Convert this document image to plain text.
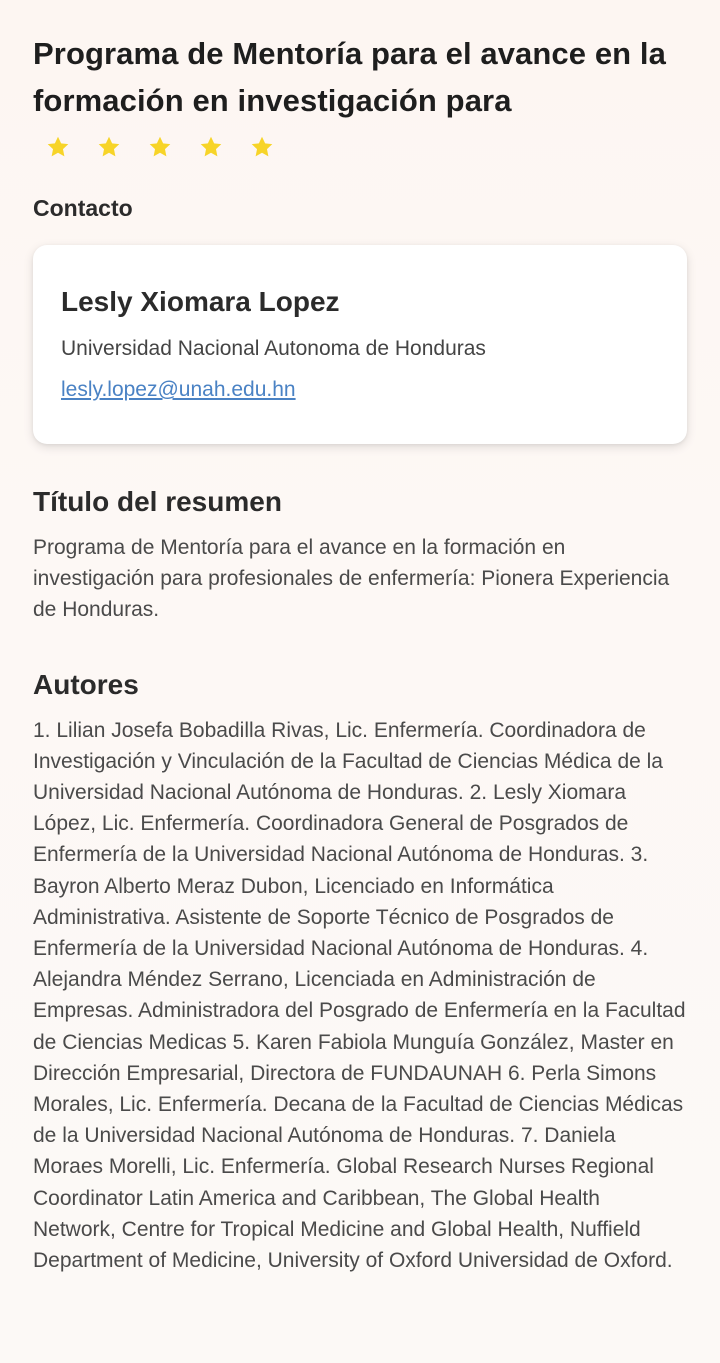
Programa de Mentoría para el avance en la formación en investigación para
Contacto
Lesly Xiomara Lopez
Universidad Nacional Autonoma de Honduras
lesly.lopez@unah.edu.hn
Título del resumen
Programa de Mentoría para el avance en la formación en investigación para profesionales de enfermería: Pionera Experiencia de Honduras.
Autores
1. Lilian Josefa Bobadilla Rivas, Lic. Enfermería. Coordinadora de Investigación y Vinculación de la Facultad de Ciencias Médica de la Universidad Nacional Autónoma de Honduras. 2. Lesly Xiomara López, Lic. Enfermería. Coordinadora General de Posgrados de Enfermería de la Universidad Nacional Autónoma de Honduras. 3. Bayron Alberto Meraz Dubon, Licenciado en Informática Administrativa. Asistente de Soporte Técnico de Posgrados de Enfermería de la Universidad Nacional Autónoma de Honduras. 4. Alejandra Méndez Serrano, Licenciada en Administración de Empresas. Administradora del Posgrado de Enfermería en la Facultad de Ciencias Medicas 5. Karen Fabiola Munguía González, Master en Dirección Empresarial, Directora de FUNDAUNAH 6. Perla Simons Morales, Lic. Enfermería. Decana de la Facultad de Ciencias Médicas de la Universidad Nacional Autónoma de Honduras. 7. Daniela Moraes Morelli, Lic. Enfermería. Global Research Nurses Regional Coordinator Latin America and Caribbean, The Global Health Network, Centre for Tropical Medicine and Global Health, Nuffield Department of Medicine, University of Oxford Universidad de Oxford.
